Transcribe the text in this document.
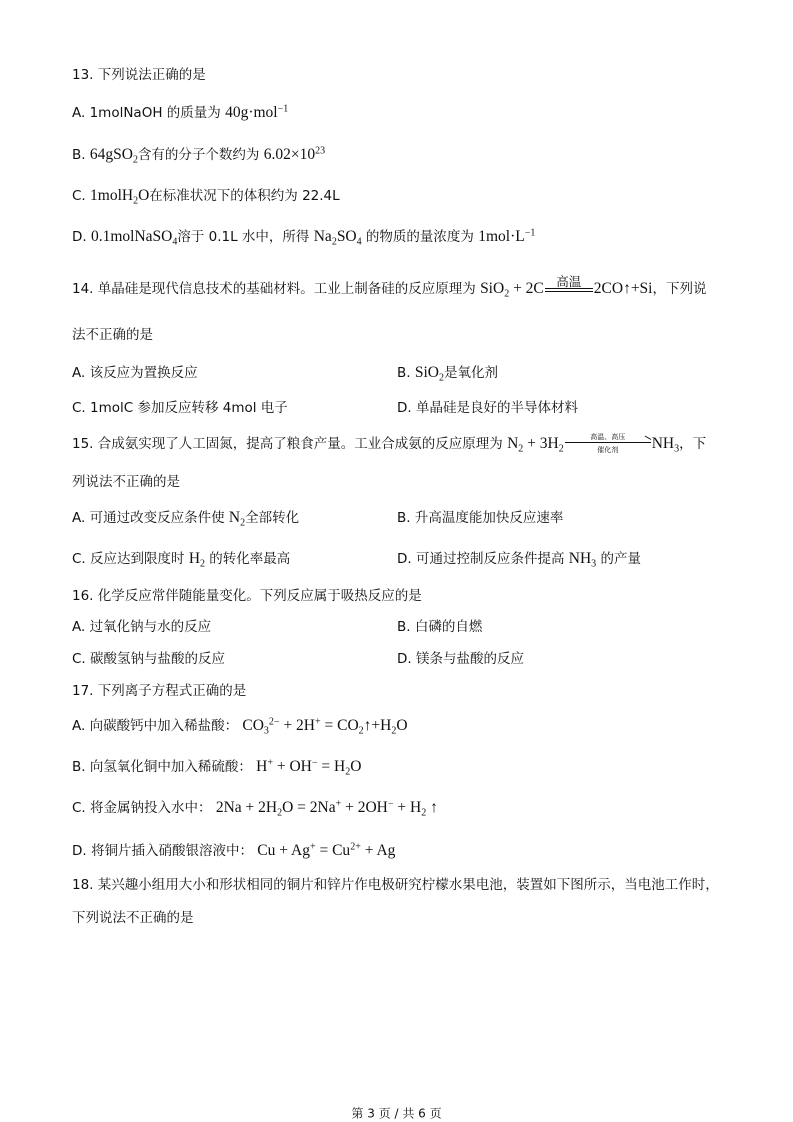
13. 下列说法正确的是
A. 1molNaOH 的质量为 40g·mol$^{-1}$
B. 64gSO$_2$含有的分子个数约为 $6.02\times 10^{23}$
C. 1molH$_2$O在标准状况下的体积约为 22.4L
D. 0.1molNaSO$_4$溶于 0.1L 水中，所得 $Na_2SO_4$ 的物质的量浓度为 $1mol\cdot L^{-1}$
14. 单晶硅是现代信息技术的基础材料。工业上制备硅的反应原理为 SiO$_2$ + 2C 高温 2CO↑+Si，下列说
法不正确的是
A. 该反应为置换反应	B. SiO$_2$是氧化剂
C. 1molC 参加反应转移 4mol 电子	D. 单晶硅是良好的半导体材料
15. 合成氨实现了人工固氮，提高了粮食产量。工业合成氨的反应原理为 $N_2 + 3H_2$
高温、高压
催化剂	$NH_3$，下
列说法不正确的是
A. 可通过改变反应条件使 $N_2$全部转化	B. 升高温度能加快反应速率
C. 反应达到限度时 $H_2$ 的转化率最高	D. 可通过控制反应条件提高 $NH_3$ 的产量
16. 化学反应常伴随能量变化。下列反应属于吸热反应的是
A. 过氧化钠与水的反应	B. 白磷的自燃
C. 碳酸氢钠与盐酸的反应	D. 镁条与盐酸的反应
17. 下列离子方程式正确的是
A. 向碳酸钙中加入稀盐酸： $CO_3^{2-} + 2H^+$ = $CO_2↑+H_2O$
B. 向氢氧化铜中加入稀硫酸： $H^+ + OH^- = H_2O$
C. 将金属钠投入水中： $2Na + 2H_2O = 2Na^+ + 2OH^- + H_2$ ↑
D. 将铜片插入硝酸银溶液中： $Cu + Ag^+ = Cu^{2+} + Ag$
18. 某兴趣小组用大小和形状相同的铜片和锌片作电极研究柠檬水果电池，装置如下图所示，当电池工作时，
下列说法不正确的是
第 3 页 / 共 6 页
